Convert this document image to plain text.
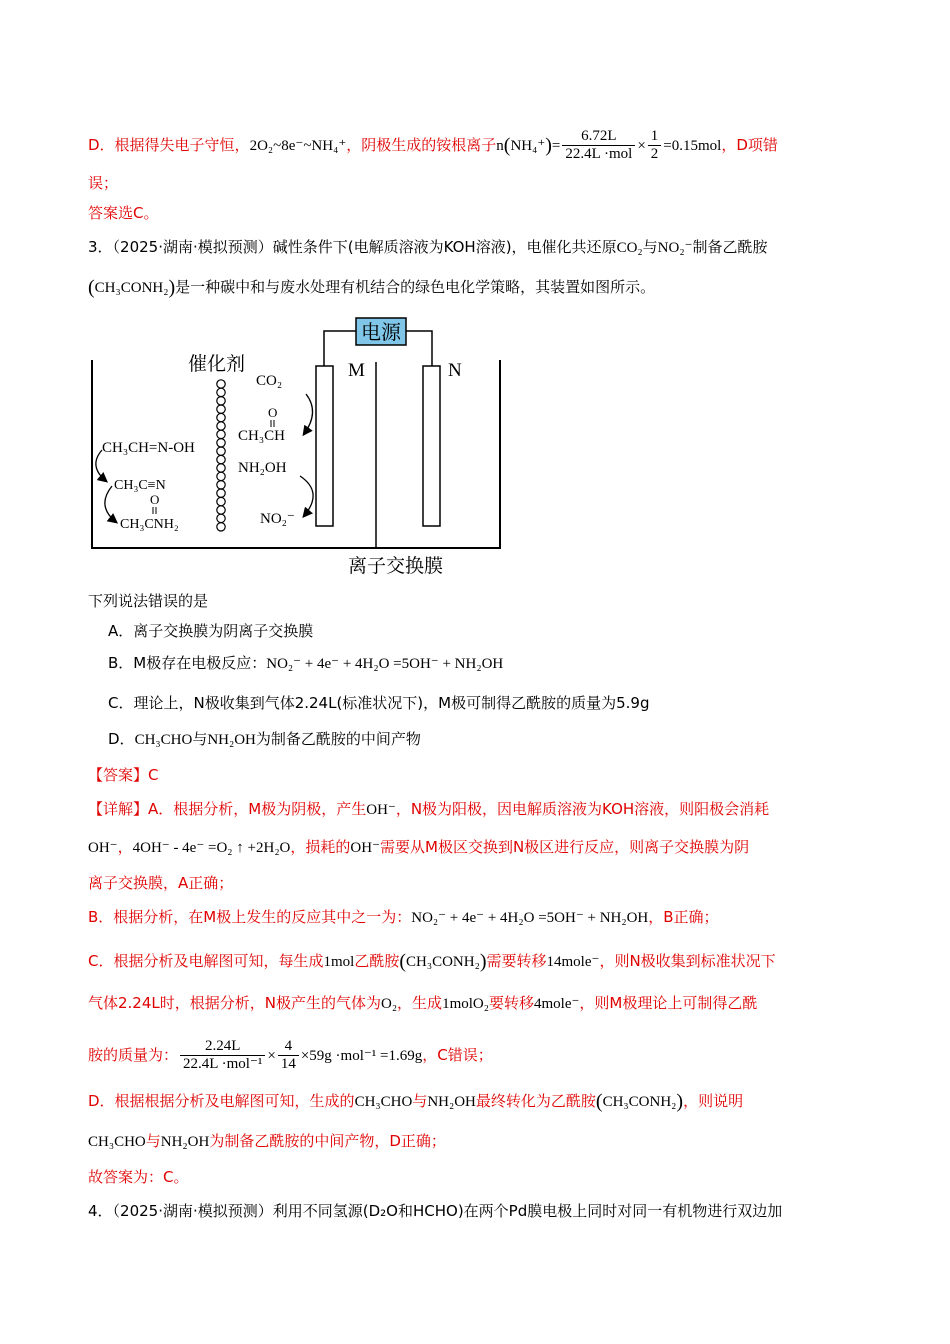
D．根据得失电子守恒，2O₂~8e⁻~NH₄⁺，阴极生成的铵根离子$n(NH_4^+)= \frac{6.72L}{\text{22.4L ·mol}} \times \frac{1}{2} =0.15mol$，D项错
误；
答案选C。
3．（2025·湖南·模拟预测）碱性条件下(电解质溶液为KOH溶液)，电催化共还原CO₂与NO₂⁻制备乙酰胺
(CH₃CONH₂)是一种碳中和与废水处理有机结合的绿色电化学策略，其装置如图所示。
电源
M	N
催化剂
CO₂
O
CH₃CH
NH₂OH
NO₂⁻
CH₃CH=N-OH
CH₃C≡N
O
CH₃CNH₂
离子交换膜
下列说法错误的是
A．离子交换膜为阴离子交换膜
B．M极存在电极反应：NO₂⁻ + 4e⁻ + 4H₂O =5OH⁻ + NH₂OH
C．理论上，N极收集到气体2.24L(标准状况下)，M极可制得乙酰胺的质量为5.9g
D．CH₃CHO与NH₂OH为制备乙酰胺的中间产物
【答案】C
【详解】A．根据分析，M极为阴极，产生OH⁻，N极为阳极，因电解质溶液为KOH溶液，则阳极会消耗
OH⁻，4OH⁻ - 4e⁻ =O₂ ↑ +2H₂O，损耗的OH⁻需要从M极区交换到N极区进行反应，则离子交换膜为阴
离子交换膜，A正确；
B．根据分析，在M极上发生的反应其中之一为：NO₂⁻ + 4e⁻ + 4H₂O =5OH⁻ + NH₂OH，B正确；
C．根据分析及电解图可知，每生成1mol乙酰胺(CH₃CONH₂)需要转移14mole⁻，则N极收集到标准状况下
气体2.24L时，根据分析，N极产生的气体为O₂，生成1molO₂要转移4mole⁻，则M极理论上可制得乙酰
胺的质量为： $\frac{2.24L}{\text{22.4L ·mol⁻¹}} \times \frac{4}{14} \times 59g \cdot mol^{-1} =1.69g$，C错误；
D．根据根据分析及电解图可知，生成的CH₃CHO与NH₂OH最终转化为乙酰胺(CH₃CONH₂)，则说明
CH₃CHO与NH₂OH为制备乙酰胺的中间产物，D正确；
故答案为：C。
4．（2025·湖南·模拟预测）利用不同氢源(D₂O和HCHO)在两个Pd膜电极上同时对同一有机物进行双边加
